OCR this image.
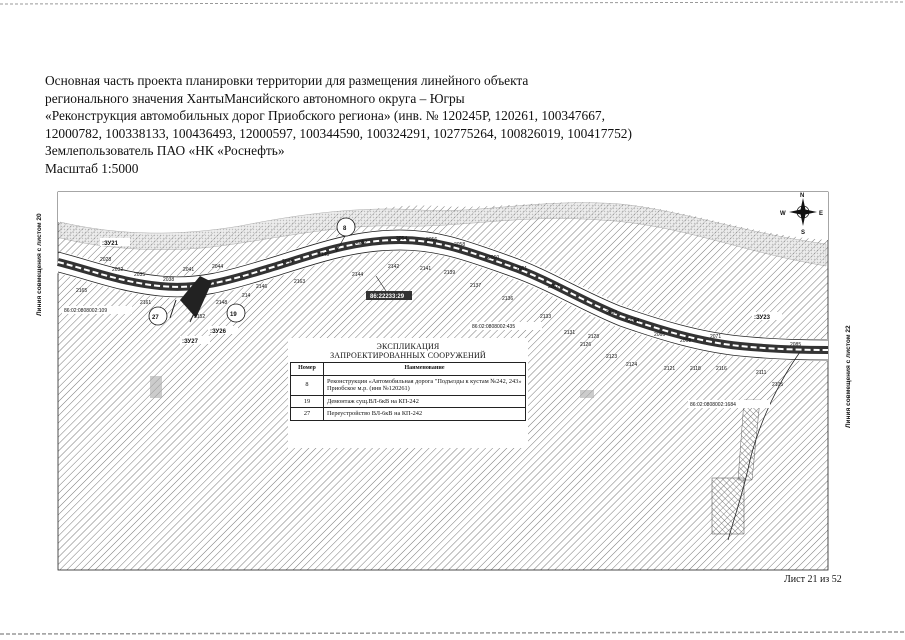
86:22233:29
8
27	19
:ЗУ21
:ЗУ23
:ЗУ26
:ЗУ27
86:02:0808002:109
86:02:0808002:435
86:02:0808002:1684
2028
2032
2035
2038
2041	2044
2148
214
2152
2161
2165
2048
2146
2163
2145
2052
2144
2054
2142
2056
2141
2058
2139
2060
2137
2061
2136
2062
2133
2131
2128
2126
2063
2064
2066
2068
2071
2123
2124
2121	2118	2116
2111
2105
2085
N
S
W	E
Основная часть проекта планировки территории для размещения линейного объекта
регионального значения ХантыМансийского автономного округа – Югры
«Реконструкция автомобильных дорог Приобского региона» (инв. № 120245Р, 120261, 100347667,
12000782, 100338133, 100436493, 12000597, 100344590, 100324291, 102775264, 100826019, 100417752)
Землепользователь ПАО «НК «Роснефть»
Масштаб 1:5000
Линия совмещения с листом 20
Линия совмещения с листом 22
ЭКСПЛИКАЦИЯ
ЗАПРОЕКТИРОВАННЫХ СООРУЖЕНИЙ
Номер	Наименование
8	Реконструкция «Автомобильная дорога "Подъезды к кустам №242, 243» Приобское м.р. (инв №120261)
19	Демонтаж сущ.ВЛ-6кВ на КП-242
27	Переустройство ВЛ-6кВ на КП-242
Лист 21 из 52
